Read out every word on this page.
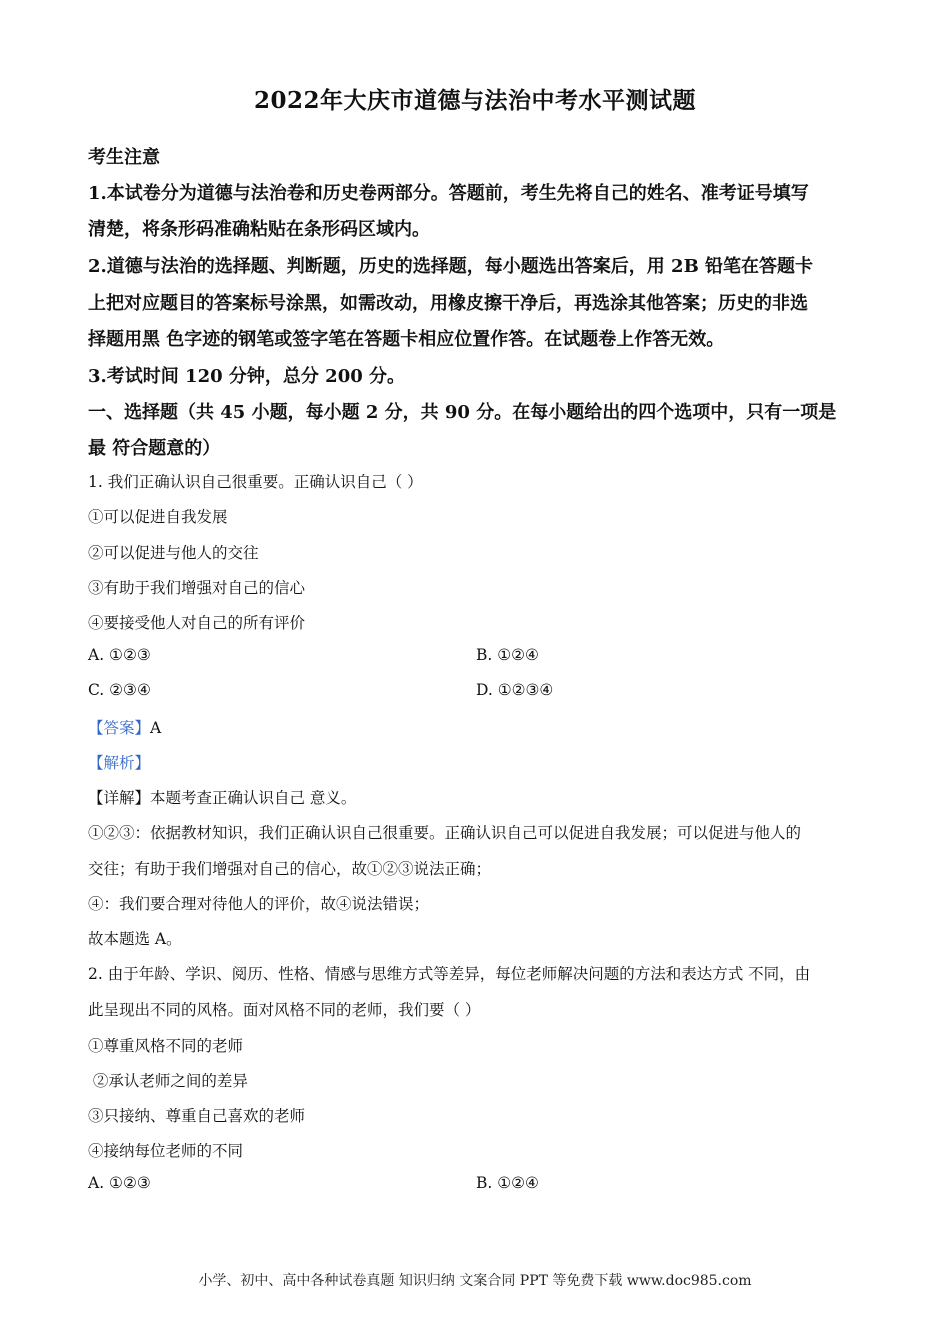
2022年大庆市道德与法治中考水平测试题
考生注意
1.本试卷分为道德与法治卷和历史卷两部分。答题前，考生先将自己的姓名、准考证号填写
清楚，将条形码准确粘贴在条形码区域内。
2.道德与法治的选择题、判断题，历史的选择题，每小题选出答案后，用 2B 铅笔在答题卡
上把对应题目的答案标号涂黑，如需改动，用橡皮擦干净后，再选涂其他答案；历史的非选
择题用黑 色字迹的钢笔或签字笔在答题卡相应位置作答。在试题卷上作答无效。
3.考试时间 120 分钟，总分 200 分。
一、选择题（共 45 小题，每小题 2 分，共 90 分。在每小题给出的四个选项中，只有一项是
最 符合题意的）
1. 我们正确认识自己很重要。正确认识自己（ ）
①可以促进自我发展
②可以促进与他人的交往
③有助于我们增强对自己的信心
④要接受他人对自己的所有评价
A. ①②③	B. ①②④
C. ②③④	D. ①②③④
【答案】A
【解析】
【详解】本题考查正确认识自己 意义。
①②③：依据教材知识，我们正确认识自己很重要。正确认识自己可以促进自我发展；可以促进与他人的
交往；有助于我们增强对自己的信心，故①②③说法正确；
④：我们要合理对待他人的评价，故④说法错误；
故本题选 A。
2. 由于年龄、学识、阅历、性格、情感与思维方式等差异，每位老师解决问题的方法和表达方式 不同，由
此呈现出不同的风格。面对风格不同的老师，我们要（ ）
①尊重风格不同的老师
②承认老师之间的差异
③只接纳、尊重自己喜欢的老师
④接纳每位老师的不同
A. ①②③	B. ①②④
小学、初中、高中各种试卷真题 知识归纳 文案合同 PPT 等免费下载 www.doc985.com
